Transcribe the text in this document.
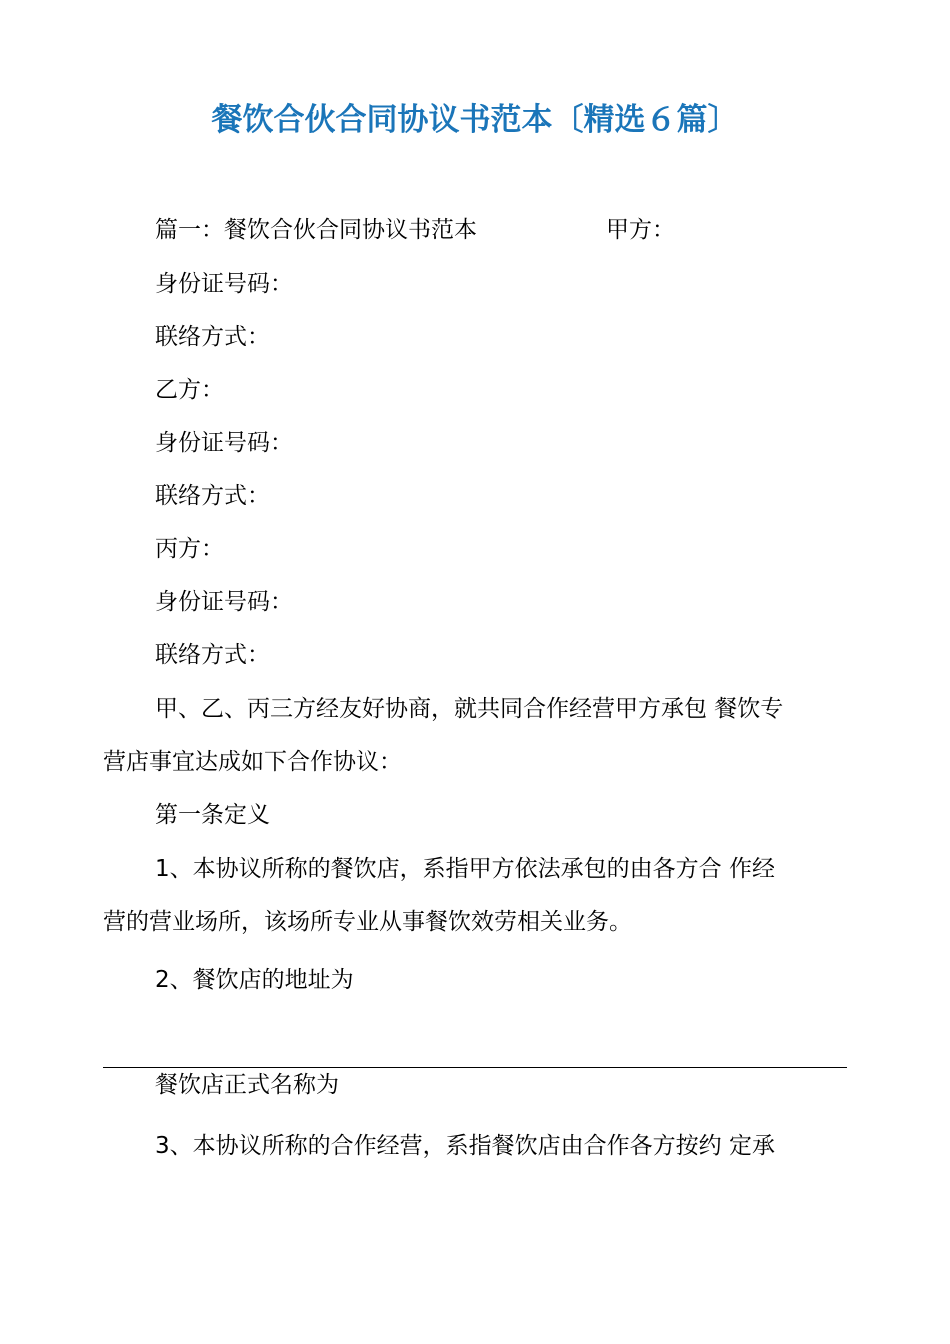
餐饮合伙合同协议书范本〔精选６篇〕

篇一：餐饮合伙合同协议书范本	甲方：

身份证号码：

联络方式：

乙方：

身份证号码：

联络方式：

丙方：

身份证号码：

联络方式：

甲、乙、丙三方经友好协商，就共同合作经营甲方承包 餐饮专

营店事宜达成如下合作协议：

第一条定义

1、本协议所称的餐饮店，系指甲方依法承包的由各方合 作经

营的营业场所，该场所专业从事餐饮效劳相关业务。

2、餐饮店的地址为

餐饮店正式名称为

3、本协议所称的合作经营，系指餐饮店由合作各方按约 定承
